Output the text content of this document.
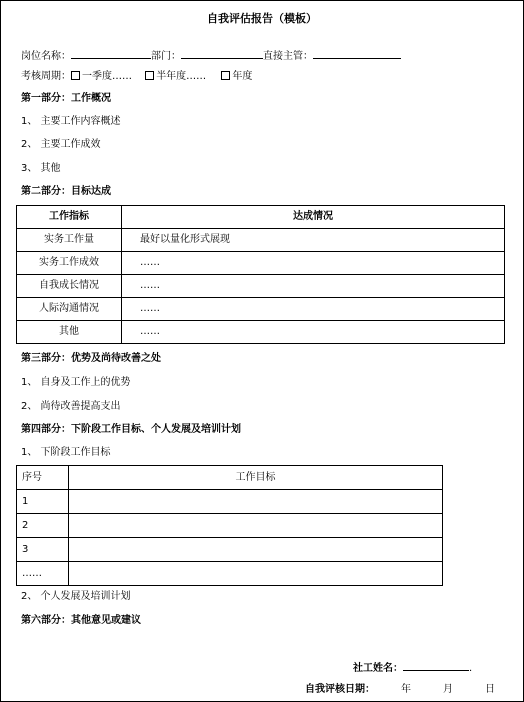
自我评估报告（模板）
岗位名称：	部门：	直接主管：
考核周期： 一季度…… 半年度……	年度
第一部分：工作概况
1、 主要工作内容概述
2、 主要工作成效
3、 其他
第二部分：目标达成
工作指标	达成情况
实务工作量	最好以量化形式展现
实务工作成效	……
自我成长情况	……
人际沟通情况	……
其他	……
第三部分：优势及尚待改善之处
1、 自身及工作上的优势
2、 尚待改善提高支出
第四部分：下阶段工作目标、个人发展及培训计划
1、 下阶段工作目标
序号	工作目标
1	
2	
3	
……	
2、 个人发展及培训计划
第六部分：其他意见或建议
社工姓名：	.
自我评核日期：	年	月	日
